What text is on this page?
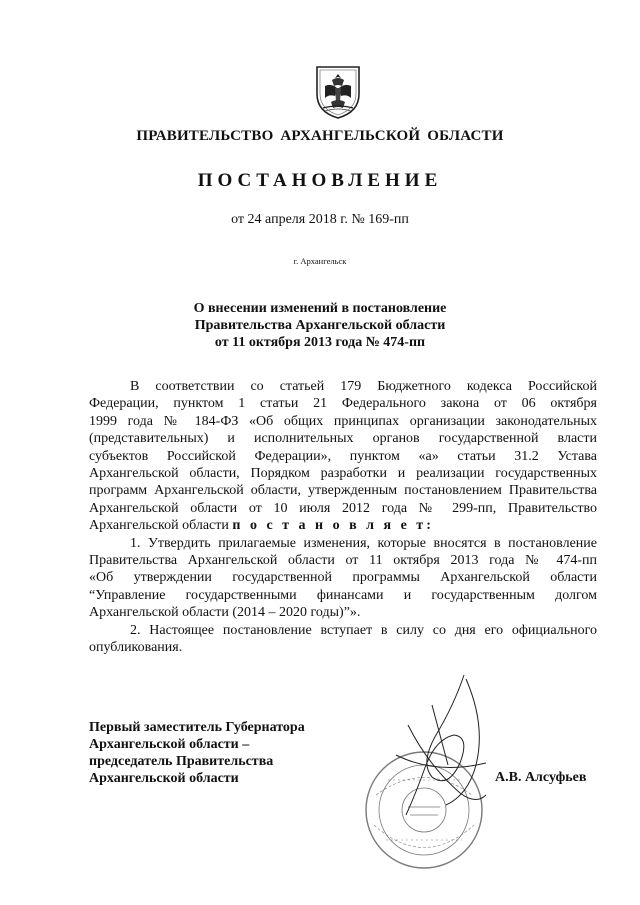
ПРАВИТЕЛЬСТВО АРХАНГЕЛЬСКОЙ ОБЛАСТИ
ПОСТАНОВЛЕНИЕ
от 24 апреля 2018 г. № 169-пп
г. Архангельск
О внесении изменений в постановление
Правительства Архангельской области
от 11 октября 2013 года № 474-пп
В соответствии со статьей 179 Бюджетного кодекса Российской
Федерации, пунктом 1 статьи 21 Федерального закона от 06 октября
1999 года № 184-ФЗ «Об общих принципах организации законодательных
(представительных) и исполнительных органов государственной власти
субъектов Российской Федерации», пунктом «а» статьи 31.2 Устава
Архангельской области, Порядком разработки и реализации государственных
программ Архангельской области, утвержденным постановлением Правительства
Архангельской области от 10 июля 2012 года № 299-пп, Правительство
Архангельской области п о с т а н о в л я е т:
1. Утвердить прилагаемые изменения, которые вносятся в постановление
Правительства Архангельской области от 11 октября 2013 года № 474-пп
«Об утверждении государственной программы Архангельской области
“Управление государственными финансами и государственным долгом
Архангельской области (2014 – 2020 годы)”».
2. Настоящее постановление вступает в силу со дня его официального
опубликования.
Первый заместитель Губернатора
Архангельской области –
председатель Правительства
Архангельской области	А.В. Алсуфьев
